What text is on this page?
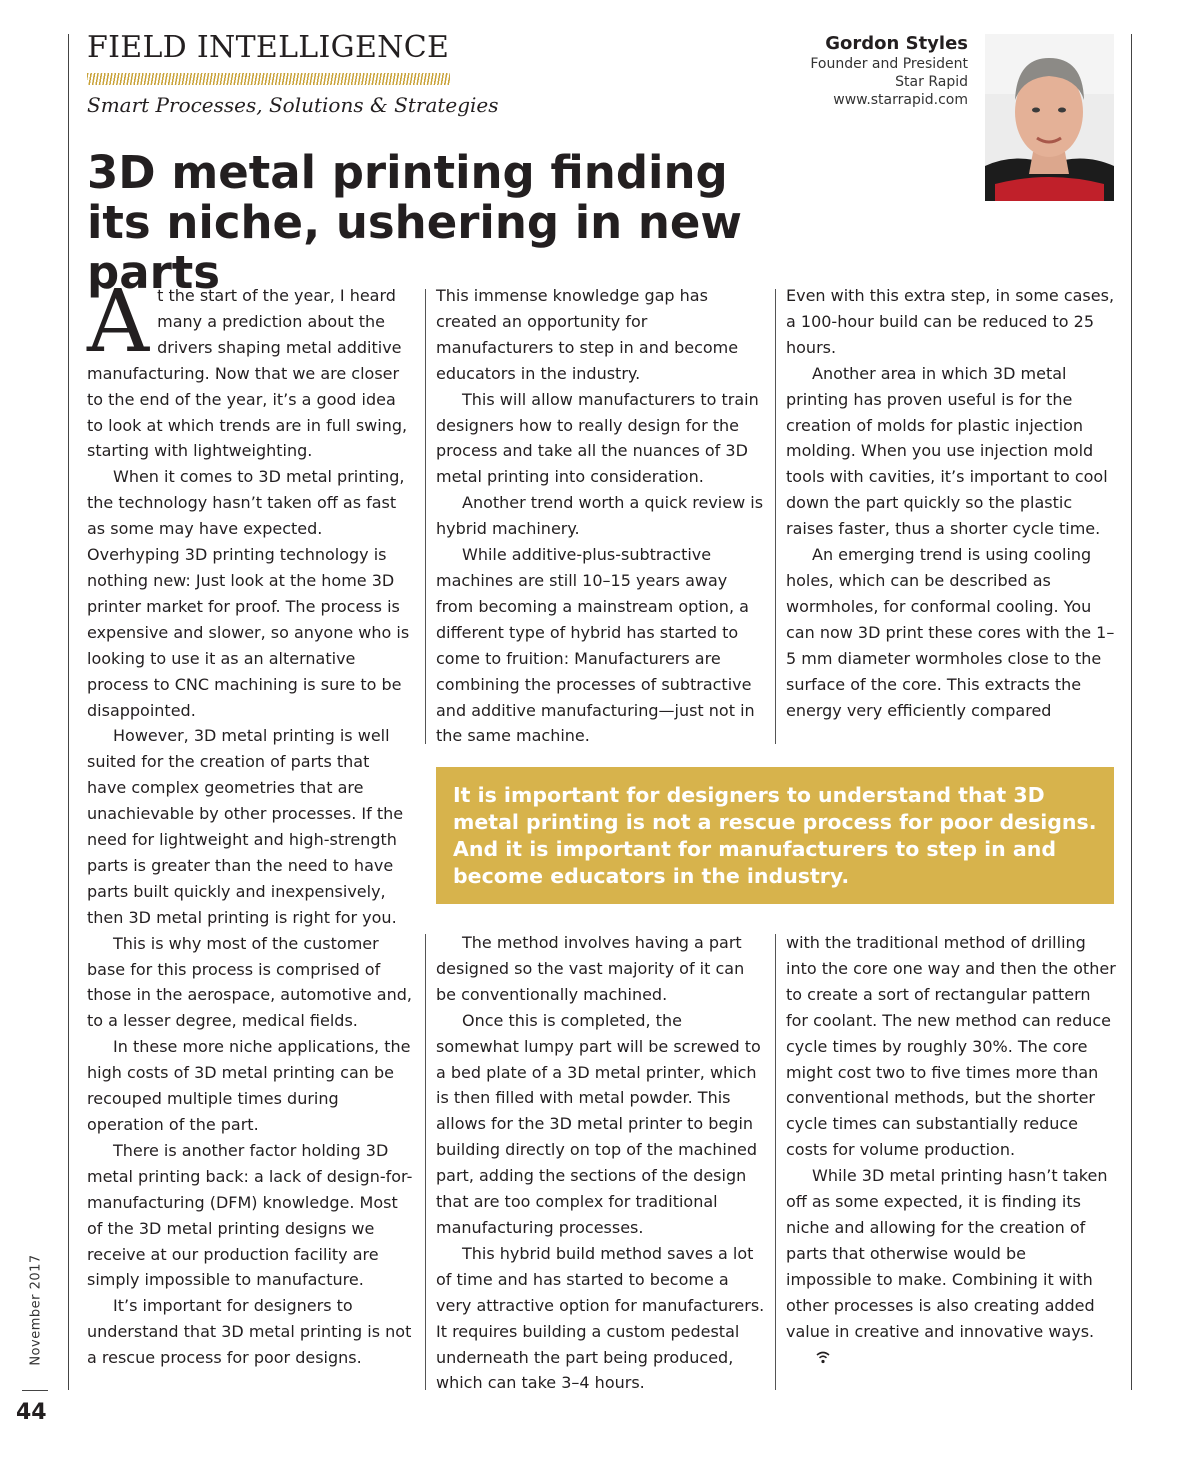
FIELD INTELLIGENCE
Smart Processes, Solutions & Strategies
Gordon Styles
Founder and President
Star Rapid
www.starrapid.com
3D metal printing finding its niche, ushering in new parts

At the start of the year, I heard many a prediction about the drivers shaping metal additive manufacturing. Now that we are closer to the end of the year, it’s a good idea to look at which trends are in full swing, starting with lightweighting.

When it comes to 3D metal printing, the technology hasn’t taken off as fast as some may have expected. Overhyping 3D printing technology is nothing new: Just look at the home 3D printer market for proof. The process is expensive and slower, so anyone who is looking to use it as an alternative process to CNC machining is sure to be disappointed.

However, 3D metal printing is well suited for the creation of parts that have complex geometries that are unachievable by other processes. If the need for lightweight and high-strength parts is greater than the need to have parts built quickly and inexpensively, then 3D metal printing is right for you.

This is why most of the customer base for this process is comprised of those in the aerospace, automotive and, to a lesser degree, medical fields.

In these more niche applications, the high costs of 3D metal printing can be recouped multiple times during operation of the part.

There is another factor holding 3D metal printing back: a lack of design-for-manufacturing (DFM) knowledge. Most of the 3D metal printing designs we receive at our production facility are simply impossible to manufacture.

It’s important for designers to understand that 3D metal printing is not a rescue process for poor designs.

This immense knowledge gap has created an opportunity for manufacturers to step in and become educators in the industry.

This will allow manufacturers to train designers how to really design for the process and take all the nuances of 3D metal printing into consideration.

Another trend worth a quick review is hybrid machinery.

While additive-plus-subtractive machines are still 10–15 years away from becoming a mainstream option, a different type of hybrid has started to come to fruition: Manufacturers are combining the processes of subtractive and additive manufacturing—just not in the same machine.

Even with this extra step, in some cases, a 100-hour build can be reduced to 25 hours.

Another area in which 3D metal printing has proven useful is for the creation of molds for plastic injection molding. When you use injection mold tools with cavities, it’s important to cool down the part quickly so the plastic raises faster, thus a shorter cycle time.

An emerging trend is using cooling holes, which can be described as wormholes, for conformal cooling. You can now 3D print these cores with the 1–5 mm diameter wormholes close to the surface of the core. This extracts the energy very efficiently compared

It is important for designers to understand that 3D metal printing is not a rescue process for poor designs. And it is important for manufacturers to step in and become educators in the industry.

The method involves having a part designed so the vast majority of it can be conventionally machined.

Once this is completed, the somewhat lumpy part will be screwed to a bed plate of a 3D metal printer, which is then filled with metal powder. This allows for the 3D metal printer to begin building directly on top of the machined part, adding the sections of the design that are too complex for traditional manufacturing processes.

This hybrid build method saves a lot of time and has started to become a very attractive option for manufacturers. It requires building a custom pedestal underneath the part being produced, which can take 3–4 hours.

with the traditional method of drilling into the core one way and then the other to create a sort of rectangular pattern for coolant. The new method can reduce cycle times by roughly 30%. The core might cost two to five times more than conventional methods, but the shorter cycle times can substantially reduce costs for volume production.

While 3D metal printing hasn’t taken off as some expected, it is finding its niche and allowing for the creation of parts that otherwise would be impossible to make. Combining it with other processes is also creating added value in creative and innovative ways.

November 2017
44
